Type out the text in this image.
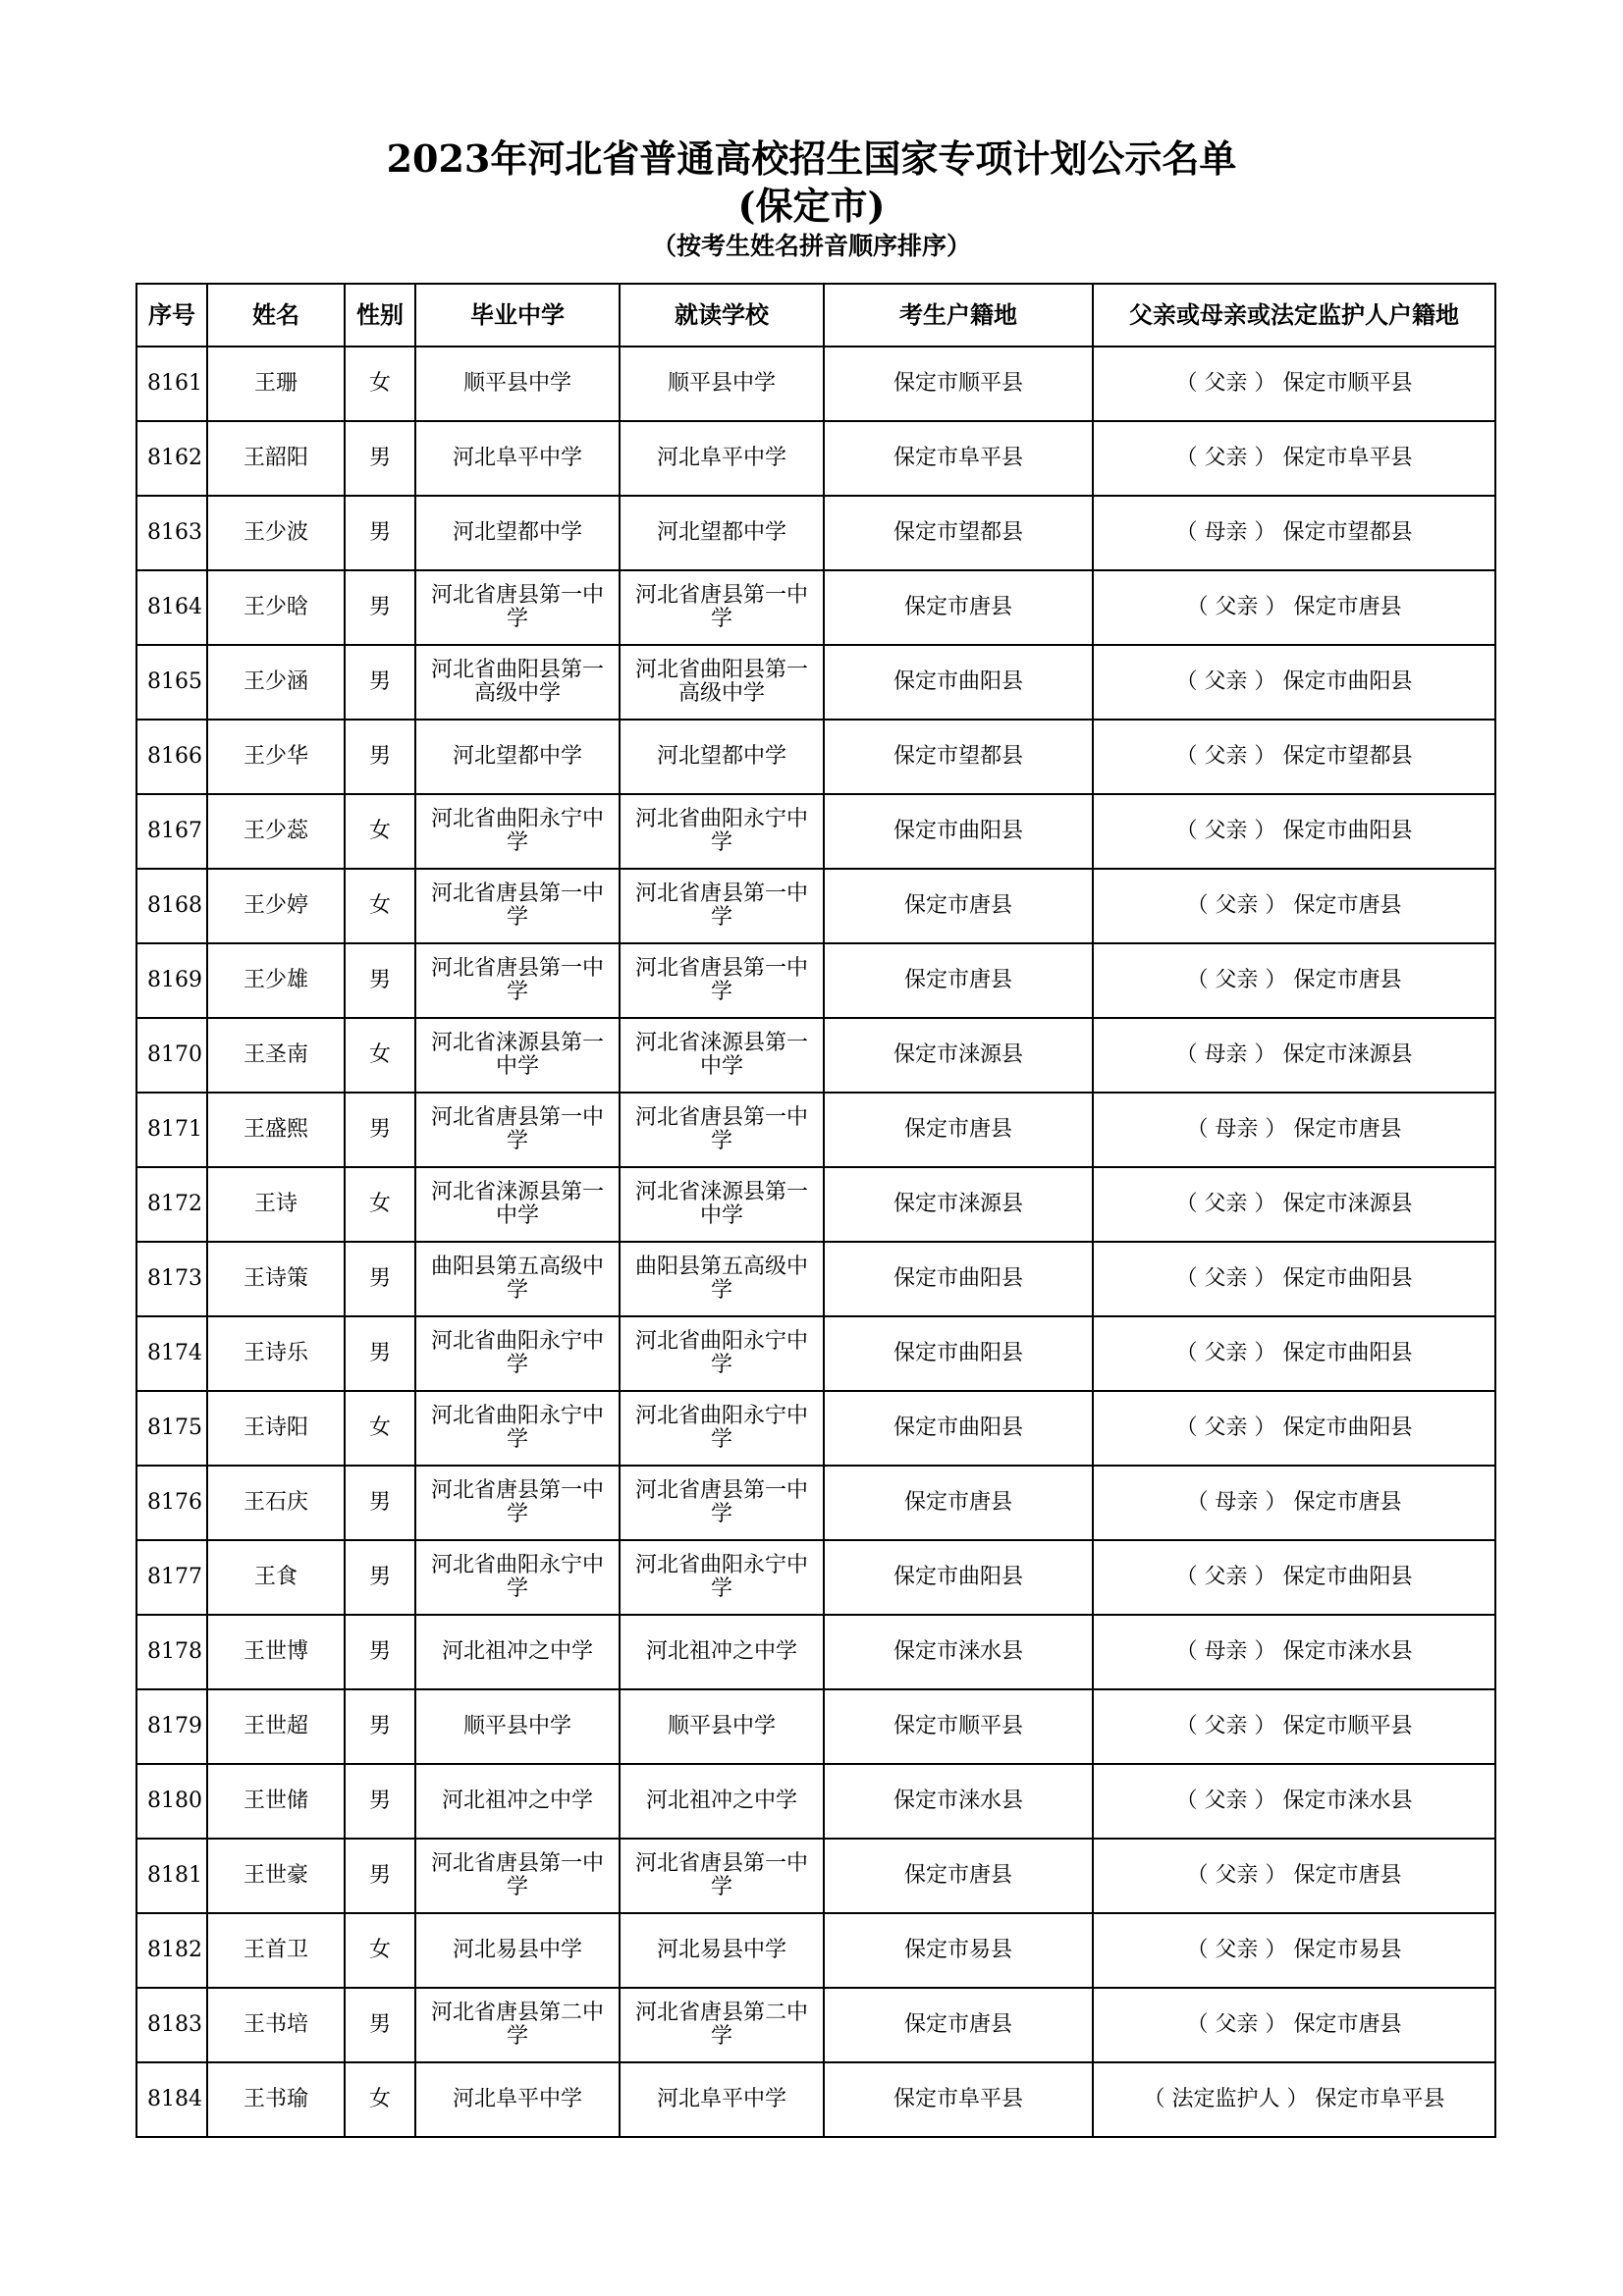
2023年河北省普通高校招生国家专项计划公示名单
(保定市)
（按考生姓名拼音顺序排序）
序号	姓名	性别	毕业中学	就读学校	考生户籍地	父亲或母亲或法定监护人户籍地
8161	王珊	女	顺平县中学	顺平县中学	保定市顺平县	（ 父亲 ） 保定市顺平县
8162	王韶阳	男	河北阜平中学	河北阜平中学	保定市阜平县	（ 父亲 ） 保定市阜平县
8163	王少波	男	河北望都中学	河北望都中学	保定市望都县	（ 母亲 ） 保定市望都县
8164	王少晗	男	河北省唐县第一中学	河北省唐县第一中学	保定市唐县	（ 父亲 ） 保定市唐县
8165	王少涵	男	河北省曲阳县第一高级中学	河北省曲阳县第一高级中学	保定市曲阳县	（ 父亲 ） 保定市曲阳县
8166	王少华	男	河北望都中学	河北望都中学	保定市望都县	（ 父亲 ） 保定市望都县
8167	王少蕊	女	河北省曲阳永宁中学	河北省曲阳永宁中学	保定市曲阳县	（ 父亲 ） 保定市曲阳县
8168	王少婷	女	河北省唐县第一中学	河北省唐县第一中学	保定市唐县	（ 父亲 ） 保定市唐县
8169	王少雄	男	河北省唐县第一中学	河北省唐县第一中学	保定市唐县	（ 父亲 ） 保定市唐县
8170	王圣南	女	河北省涞源县第一中学	河北省涞源县第一中学	保定市涞源县	（ 母亲 ） 保定市涞源县
8171	王盛熙	男	河北省唐县第一中学	河北省唐县第一中学	保定市唐县	（ 母亲 ） 保定市唐县
8172	王诗	女	河北省涞源县第一中学	河北省涞源县第一中学	保定市涞源县	（ 父亲 ） 保定市涞源县
8173	王诗策	男	曲阳县第五高级中学	曲阳县第五高级中学	保定市曲阳县	（ 父亲 ） 保定市曲阳县
8174	王诗乐	男	河北省曲阳永宁中学	河北省曲阳永宁中学	保定市曲阳县	（ 父亲 ） 保定市曲阳县
8175	王诗阳	女	河北省曲阳永宁中学	河北省曲阳永宁中学	保定市曲阳县	（ 父亲 ） 保定市曲阳县
8176	王石庆	男	河北省唐县第一中学	河北省唐县第一中学	保定市唐县	（ 母亲 ） 保定市唐县
8177	王食	男	河北省曲阳永宁中学	河北省曲阳永宁中学	保定市曲阳县	（ 父亲 ） 保定市曲阳县
8178	王世博	男	河北祖冲之中学	河北祖冲之中学	保定市涞水县	（ 母亲 ） 保定市涞水县
8179	王世超	男	顺平县中学	顺平县中学	保定市顺平县	（ 父亲 ） 保定市顺平县
8180	王世储	男	河北祖冲之中学	河北祖冲之中学	保定市涞水县	（ 父亲 ） 保定市涞水县
8181	王世豪	男	河北省唐县第一中学	河北省唐县第一中学	保定市唐县	（ 父亲 ） 保定市唐县
8182	王首卫	女	河北易县中学	河北易县中学	保定市易县	（ 父亲 ） 保定市易县
8183	王书培	男	河北省唐县第二中学	河北省唐县第二中学	保定市唐县	（ 父亲 ） 保定市唐县
8184	王书瑜	女	河北阜平中学	河北阜平中学	保定市阜平县	（ 法定监护人 ） 保定市阜平县
